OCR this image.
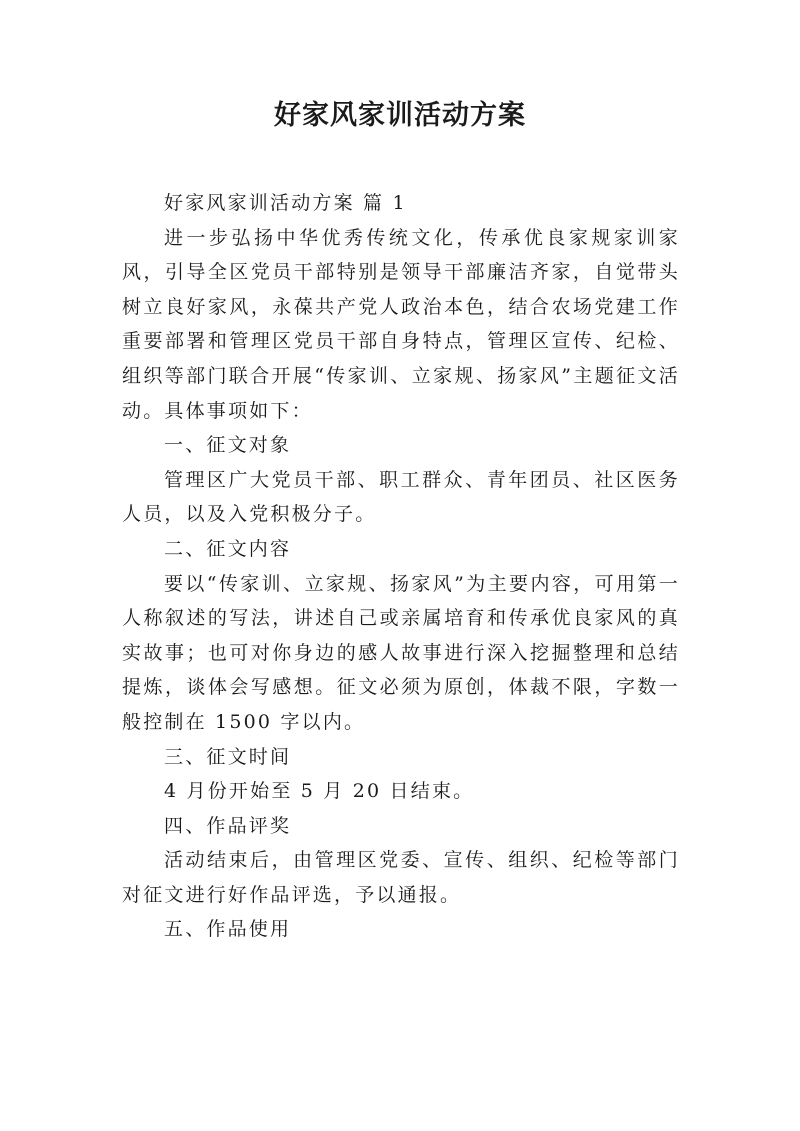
好家风家训活动方案

好家风家训活动方案 篇 1

进一步弘扬中华优秀传统文化，传承优良家规家训家风，引导全区党员干部特别是领导干部廉洁齐家，自觉带头树立良好家风，永葆共产党人政治本色，结合农场党建工作重要部署和管理区党员干部自身特点，管理区宣传、纪检、组织等部门联合开展“传家训、立家规、扬家风”主题征文活动。具体事项如下：

一、征文对象

管理区广大党员干部、职工群众、青年团员、社区医务人员，以及入党积极分子。

二、征文内容

要以“传家训、立家规、扬家风”为主要内容，可用第一人称叙述的写法，讲述自己或亲属培育和传承优良家风的真实故事；也可对你身边的感人故事进行深入挖掘整理和总结提炼，谈体会写感想。征文必须为原创，体裁不限，字数一般控制在 1500 字以内。

三、征文时间

4 月份开始至 5 月 20 日结束。

四、作品评奖

活动结束后，由管理区党委、宣传、组织、纪检等部门对征文进行好作品评选，予以通报。

五、作品使用
